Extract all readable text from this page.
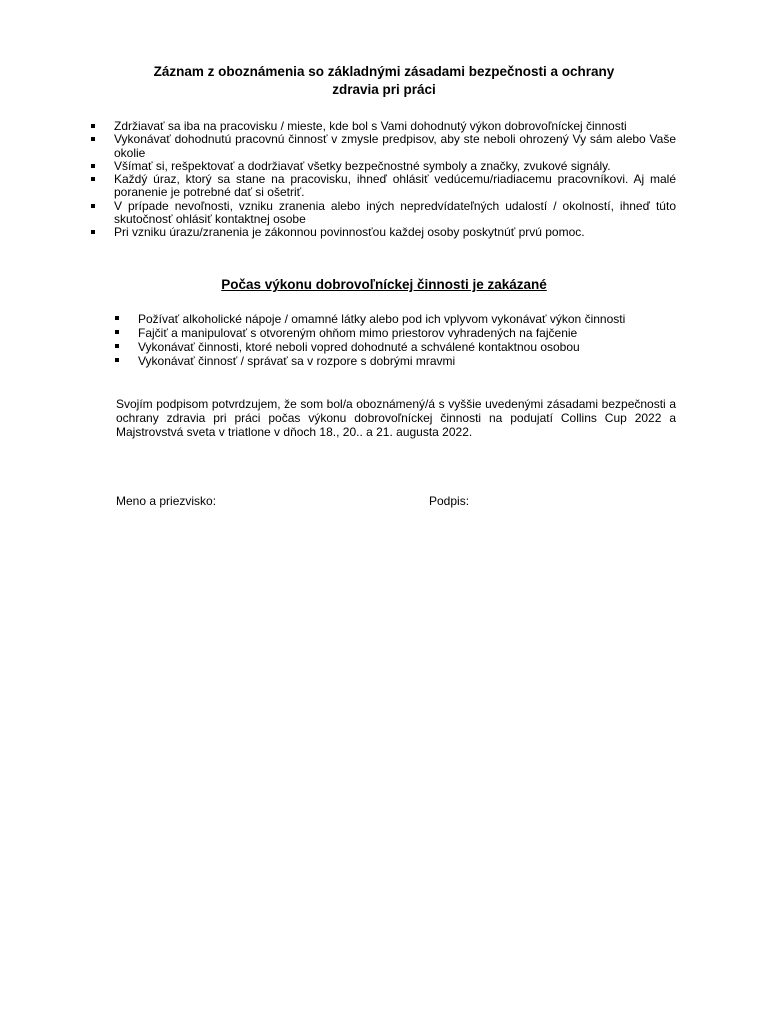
Záznam z oboznámenia so základnými zásadami bezpečnosti a ochrany
zdravia pri práci
Zdržiavať sa iba na pracovisku / mieste, kde bol s Vami dohodnutý výkon dobrovoľníckej činnosti
Vykonávať dohodnutú pracovnú činnosť v zmysle predpisov, aby ste neboli ohrozený Vy sám alebo Vaše okolie
Všímať si, rešpektovať a dodržiavať všetky bezpečnostné symboly a značky, zvukové signály.
Každý úraz, ktorý sa stane na pracovisku, ihneď ohlásiť vedúcemu/riadiacemu pracovníkovi. Aj malé poranenie je potrebné dať si ošetriť.
V prípade nevoľnosti, vzniku zranenia alebo iných nepredvídateľných udalostí / okolností, ihneď túto skutočnosť ohlásiť kontaktnej osobe
Pri vzniku úrazu/zranenia je zákonnou povinnosťou každej osoby poskytnúť prvú pomoc.
Počas výkonu dobrovoľníckej činnosti je zakázané
Požívať alkoholické nápoje / omamné látky alebo pod ich vplyvom vykonávať výkon činnosti
Fajčiť a manipulovať s otvoreným ohňom mimo priestorov vyhradených na fajčenie
Vykonávať činnosti, ktoré neboli vopred dohodnuté a schválené kontaktnou osobou
Vykonávať činnosť / správať sa v rozpore s dobrými mravmi

Svojím podpisom potvrdzujem, že som bol/a oboznámený/á s vyššie uvedenými zásadami bezpečnosti a ochrany zdravia pri práci počas výkonu dobrovoľníckej činnosti na podujatí Collins Cup 2022 a Majstrovstvá sveta v triatlone v dňoch 18., 20.. a 21. augusta 2022.

Meno a priezvisko:	Podpis:
